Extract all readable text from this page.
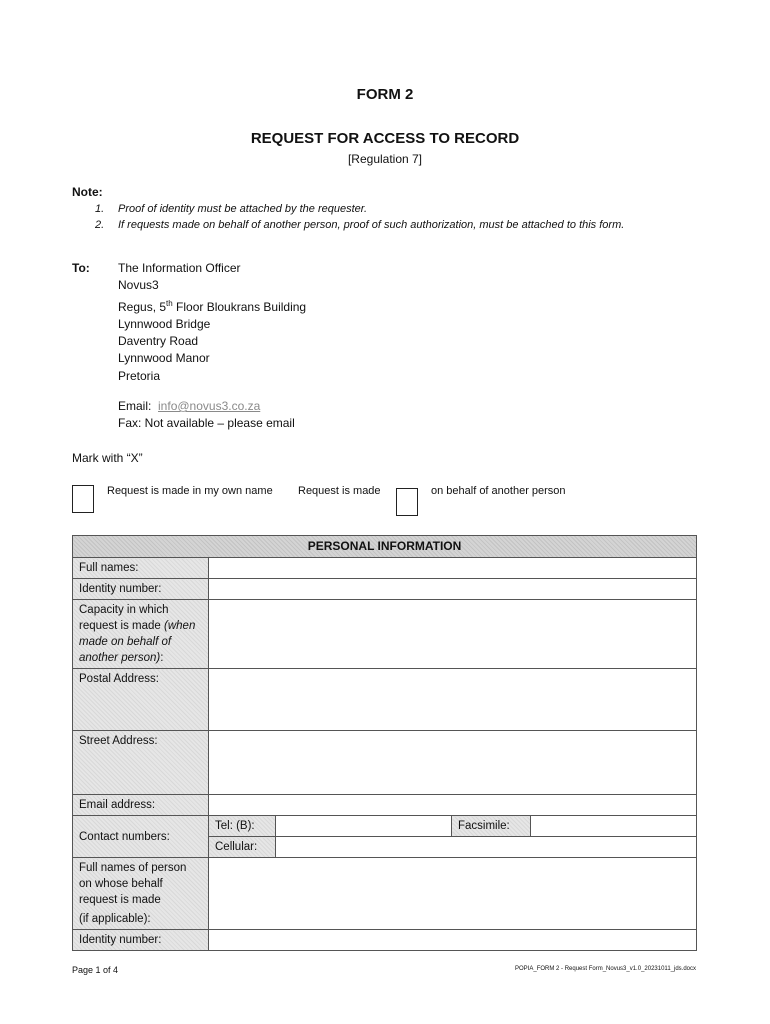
FORM 2
REQUEST FOR ACCESS TO RECORD
[Regulation 7]
Note:
1. Proof of identity must be attached by the requester.
2. If requests made on behalf of another person, proof of such authorization, must be attached to this form.
To: The Information Officer
Novus3
Regus, 5th Floor Bloukrans Building
Lynnwood Bridge
Daventry Road
Lynnwood Manor
Pretoria
Email: info@novus3.co.za
Fax: Not available – please email
Mark with “X”
Request is made in my own name Request is made	on behalf of another person
PERSONAL INFORMATION				
Full names:				
Identity number:				
Capacity in which request is made (when made on behalf of another person):				
Postal Address:				
Street Address:				
Email address:				
Contact numbers:	Tel: (B):		Facsimile:	
	Cellular:			

Full names of person on whose behalf request is made
(if applicable):				

Identity number:				
Page 1 of 4	POPIA_FORM 2 - Request Form_Novus3_v1.0_20231011_jds.docx
